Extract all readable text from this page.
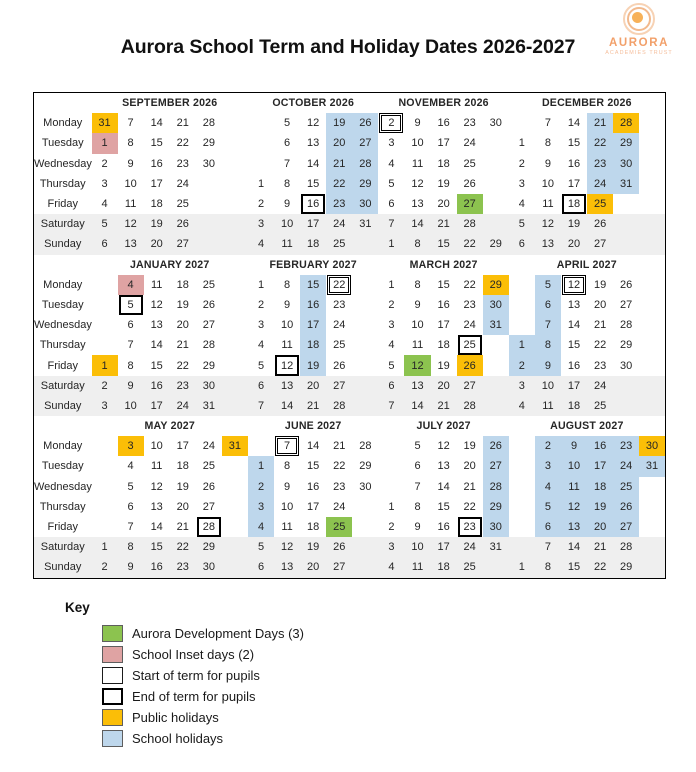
Aurora School Term and Holiday Dates 2026-2027	AURORA
ACADEMIES TRUST
	SEPTEMBER 2026						OCTOBER 2026					NOVEMBER 2026					DECEMBER 2026					
Monday	31	7	14	21	28			5	12	19	26	2	9	16	23	30		7	14	21	28	
Tuesday	1	8	15	22	29			6	13	20	27	3	10	17	24		1	8	15	22	29	
Wednesday	2	9	16	23	30			7	14	21	28	4	11	18	25		2	9	16	23	30	
Thursday	3	10	17	24			1	8	15	22	29	5	12	19	26		3	10	17	24	31	
Friday	4	11	18	25			2	9	16	23	30	6	13	20	27		4	11	18	25		
Saturday	5	12	19	26			3	10	17	24	31	7	14	21	28		5	12	19	26		
Sunday	6	13	20	27			4	11	18	25		1	8	15	22	29	6	13	20	27		
	JANUARY 2027						FEBRUARY 2027					MARCH 2027					APRIL 2027					
Monday		4	11	18	25		1	8	15	22		1	8	15	22	29		5	12	19	26	
Tuesday		5	12	19	26		2	9	16	23		2	9	16	23	30		6	13	20	27	
Wednesday		6	13	20	27		3	10	17	24		3	10	17	24	31		7	14	21	28	
Thursday		7	14	21	28		4	11	18	25		4	11	18	25		1	8	15	22	29	
Friday	1	8	15	22	29		5	12	19	26		5	12	19	26		2	9	16	23	30	
Saturday	2	9	16	23	30		6	13	20	27		6	13	20	27		3	10	17	24		
Sunday	3	10	17	24	31		7	14	21	28		7	14	21	28		4	11	18	25		
	MAY 2027						JUNE 2027					JULY 2027					AUGUST 2027					
Monday		3	10	17	24	31		7	14	21	28		5	12	19	26		2	9	16	23	30
Tuesday		4	11	18	25		1	8	15	22	29		6	13	20	27		3	10	17	24	31
Wednesday		5	12	19	26		2	9	16	23	30		7	14	21	28		4	11	18	25	
Thursday		6	13	20	27		3	10	17	24		1	8	15	22	29		5	12	19	26	
Friday		7	14	21	28		4	11	18	25		2	9	16	23	30		6	13	20	27	
Saturday	1	8	15	22	29		5	12	19	26		3	10	17	24	31		7	14	21	28	
Sunday	2	9	16	23	30		6	13	20	27		4	11	18	25		1	8	15	22	29	
Key
Aurora Development Days (3)
School Inset days (2)
Start of term for pupils
End of term for pupils
Public holidays
School holidays
